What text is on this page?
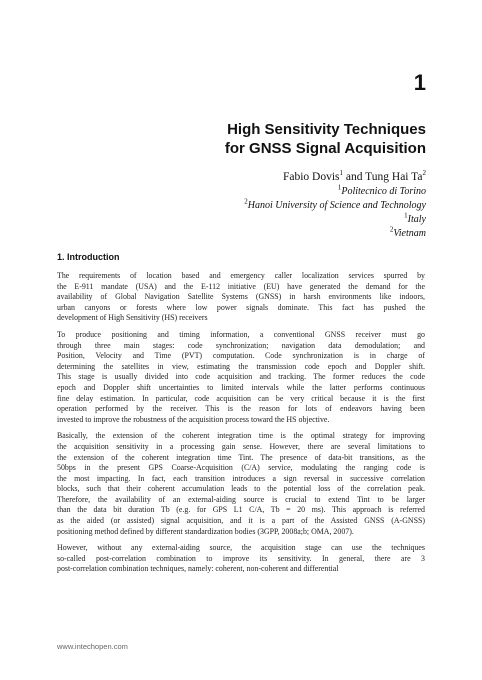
1
High Sensitivity Techniques
for GNSS Signal Acquisition
Fabio Dovis$^1$ and Tung Hai Ta$^2$
$^1$Politecnico di Torino
$^2$Hanoi University of Science and Technology
$^1$Italy
$^2$Vietnam
1. Introduction
The requirements of location based and emergency caller localization services spurred by
the E-911 mandate (USA) and the E-112 initiative (EU) have generated the demand for the
availability of Global Navigation Satellite Systems (GNSS) in harsh environments like indoors,
urban canyons or forests where low power signals dominate. This fact has pushed the
development of High Sensitivity (HS) receivers
To produce positioning and timing information, a conventional GNSS receiver must go
through three main stages: code synchronization; navigation data demodulation; and
Position, Velocity and Time (PVT) computation. Code synchronization is in charge of
determining the satellites in view, estimating the transmission code epoch and Doppler shift.
This stage is usually divided into code acquisition and tracking. The former reduces the code
epoch and Doppler shift uncertainties to limited intervals while the latter performs continuous
fine delay estimation. In particular, code acquisition can be very critical because it is the first
operation performed by the receiver. This is the reason for lots of endeavors having been
invested to improve the robustness of the acquisition process toward the HS objective.
Basically, the extension of the coherent integration time is the optimal strategy for improving
the acquisition sensitivity in a processing gain sense. However, there are several limitations to
the extension of the coherent integration time Tint. The presence of data-bit transitions, as the
50bps in the present GPS Coarse-Acquisition (C/A) service, modulating the ranging code is
the most impacting. In fact, each transition introduces a sign reversal in successive correlation
blocks, such that their coherent accumulation leads to the potential loss of the correlation peak.
Therefore, the availability of an external-aiding source is crucial to extend Tint to be larger
than the data bit duration Tb (e.g. for GPS L1 C/A, Tb = 20 ms). This approach is referred
as the aided (or assisted) signal acquisition, and it is a part of the Assisted GNSS (A-GNSS)
positioning method defined by different standardization bodies (3GPP, 2008a;b; OMA, 2007).
However, without any external-aiding source, the acquisition stage can use the techniques
so-called post-correlation combination to improve its sensitivity. In general, there are 3
post-correlation combination techniques, namely: coherent, non-coherent and differential
www.intechopen.com
